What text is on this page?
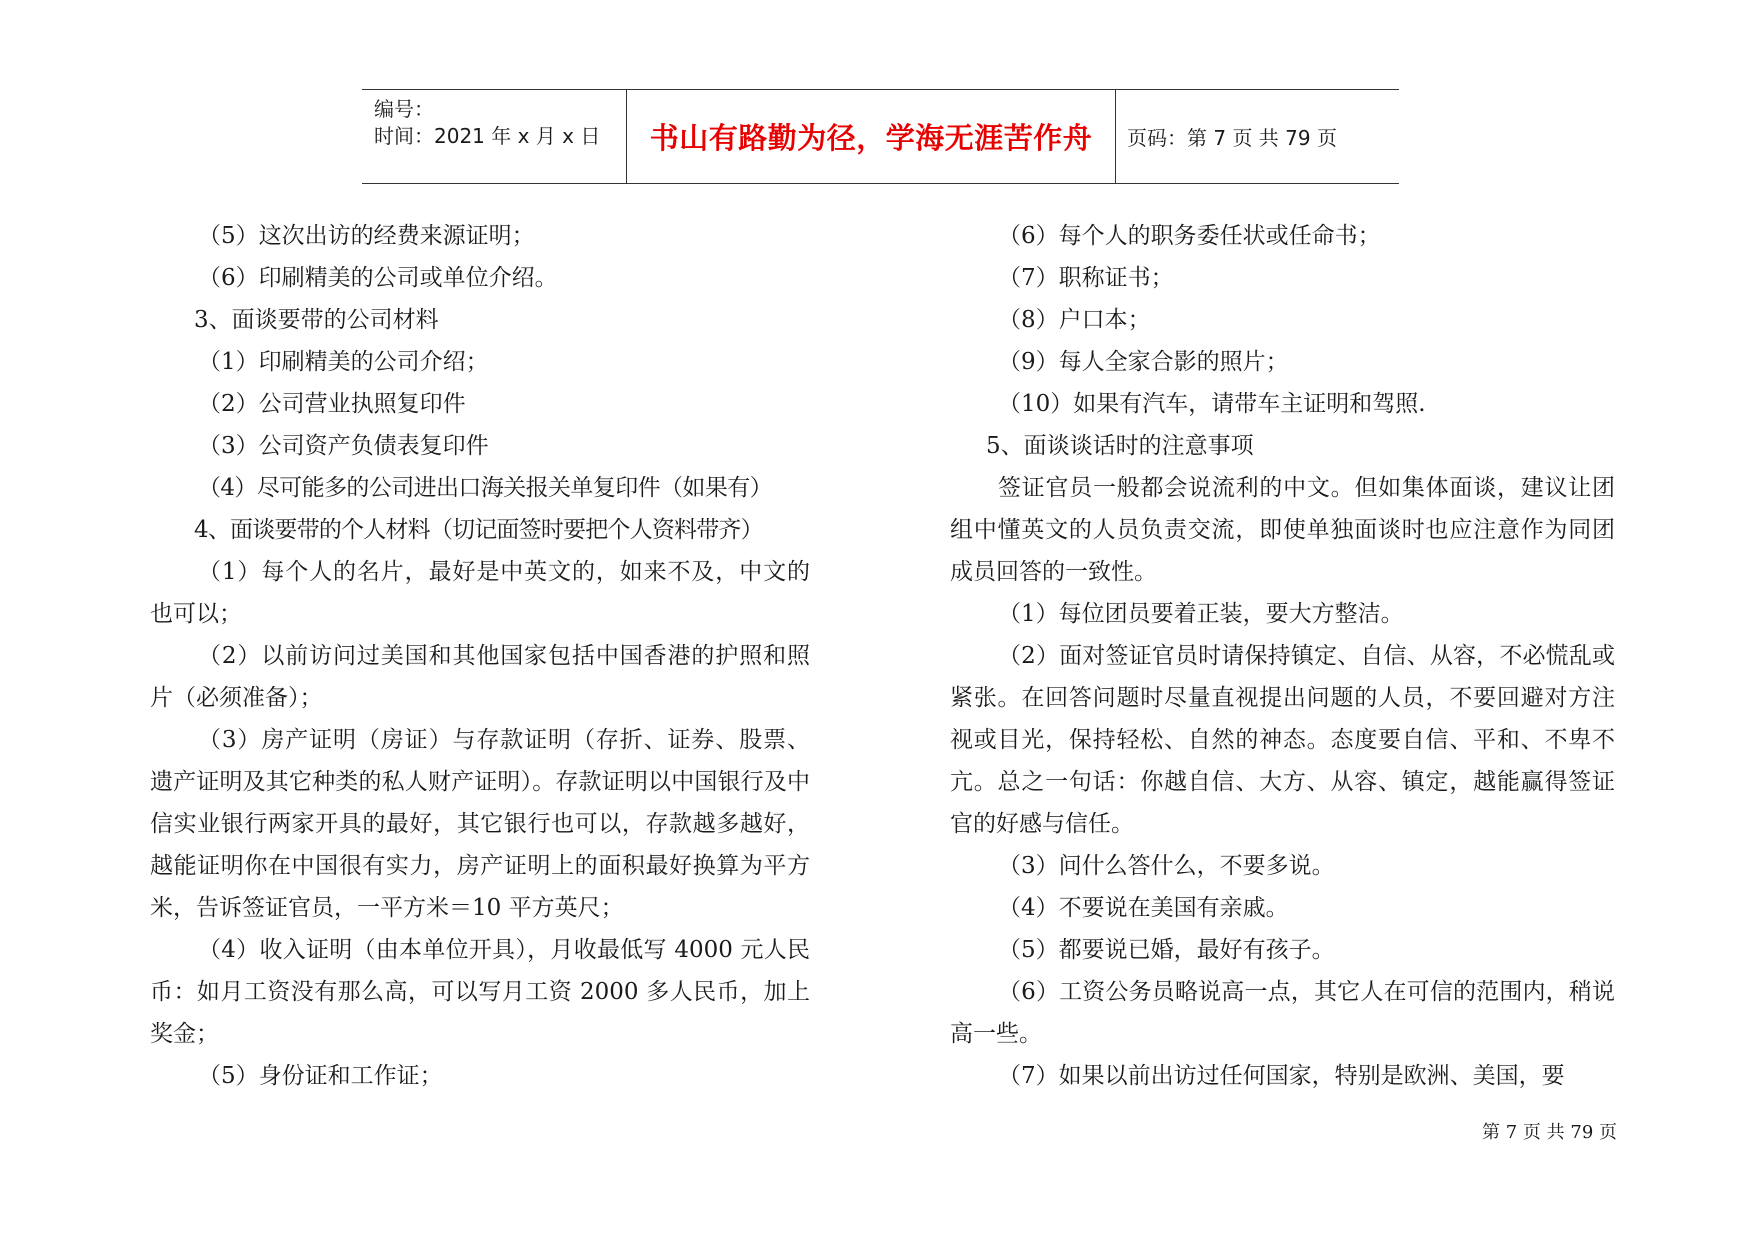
编号：
时间：2021 年 x 月 x 日	书山有路勤为径，学海无涯苦作舟	页码：第 7 页 共 79 页

（5）这次出访的经费来源证明；

（6）印刷精美的公司或单位介绍。

3、面谈要带的公司材料

（1）印刷精美的公司介绍；

（2）公司营业执照复印件

（3）公司资产负债表复印件

（4）尽可能多的公司进出口海关报关单复印件（如果有）

4、面谈要带的个人材料（切记面签时要把个人资料带齐）

（1）每个人的名片，最好是中英文的，如来不及，中文的也可以；

（2）以前访问过美国和其他国家包括中国香港的护照和照片（必须准备）；

（3）房产证明（房证）与存款证明（存折、证券、股票、遗产证明及其它种类的私人财产证明）。存款证明以中国银行及中信实业银行两家开具的最好，其它银行也可以，存款越多越好，越能证明你在中国很有实力，房产证明上的面积最好换算为平方米，告诉签证官员，一平方米＝10 平方英尺；

（4）收入证明（由本单位开具），月收最低写 4000 元人民币：如月工资没有那么高，可以写月工资 2000 多人民币，加上奖金；

（5）身份证和工作证；

（6）每个人的职务委任状或任命书；

（7）职称证书；

（8）户口本；

（9）每人全家合影的照片；

（10）如果有汽车，请带车主证明和驾照.

5、面谈谈话时的注意事项

签证官员一般都会说流利的中文。但如集体面谈，建议让团组中懂英文的人员负责交流，即使单独面谈时也应注意作为同团成员回答的一致性。

（1）每位团员要着正装，要大方整洁。

（2）面对签证官员时请保持镇定、自信、从容，不必慌乱或紧张。在回答问题时尽量直视提出问题的人员，不要回避对方注视或目光，保持轻松、自然的神态。态度要自信、平和、不卑不亢。总之一句话：你越自信、大方、从容、镇定，越能赢得签证官的好感与信任。

（3）问什么答什么，不要多说。

（4）不要说在美国有亲戚。

（5）都要说已婚，最好有孩子。

（6）工资公务员略说高一点，其它人在可信的范围内，稍说高一些。

（7）如果以前出访过任何国家，特别是欧洲、美国，要

第 7 页 共 79 页
